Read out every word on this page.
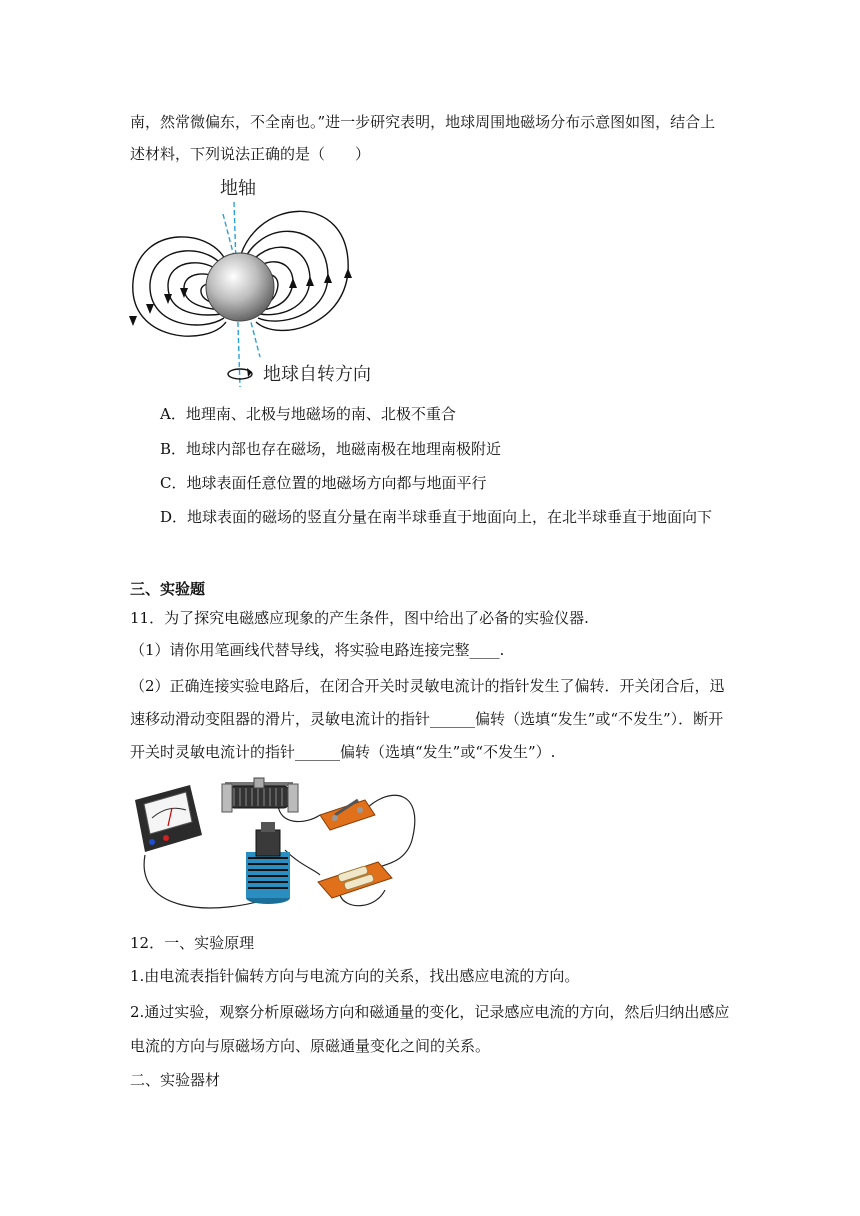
南，然常微偏东，不全南也。”进一步研究表明，地球周围地磁场分布示意图如图，结合上
述材料，下列说法正确的是（　　）
地轴
地球自转方向
A．地理南、北极与地磁场的南、北极不重合
B．地球内部也存在磁场，地磁南极在地理南极附近
C．地球表面任意位置的地磁场方向都与地面平行
D．地球表面的磁场的竖直分量在南半球垂直于地面向上，在北半球垂直于地面向下
三、实验题
11．为了探究电磁感应现象的产生条件，图中给出了必备的实验仪器.
（1）请你用笔画线代替导线，将实验电路连接完整____.
（2）正确连接实验电路后，在闭合开关时灵敏电流计的指针发生了偏转．开关闭合后，迅
速移动滑动变阻器的滑片，灵敏电流计的指针______偏转（选填“发生”或“不发生”）．断开
开关时灵敏电流计的指针______偏转（选填“发生”或“不发生”）.
12．一、实验原理
1.由电流表指针偏转方向与电流方向的关系，找出感应电流的方向。
2.通过实验，观察分析原磁场方向和磁通量的变化，记录感应电流的方向，然后归纳出感应
电流的方向与原磁场方向、原磁通量变化之间的关系。
二、实验器材
